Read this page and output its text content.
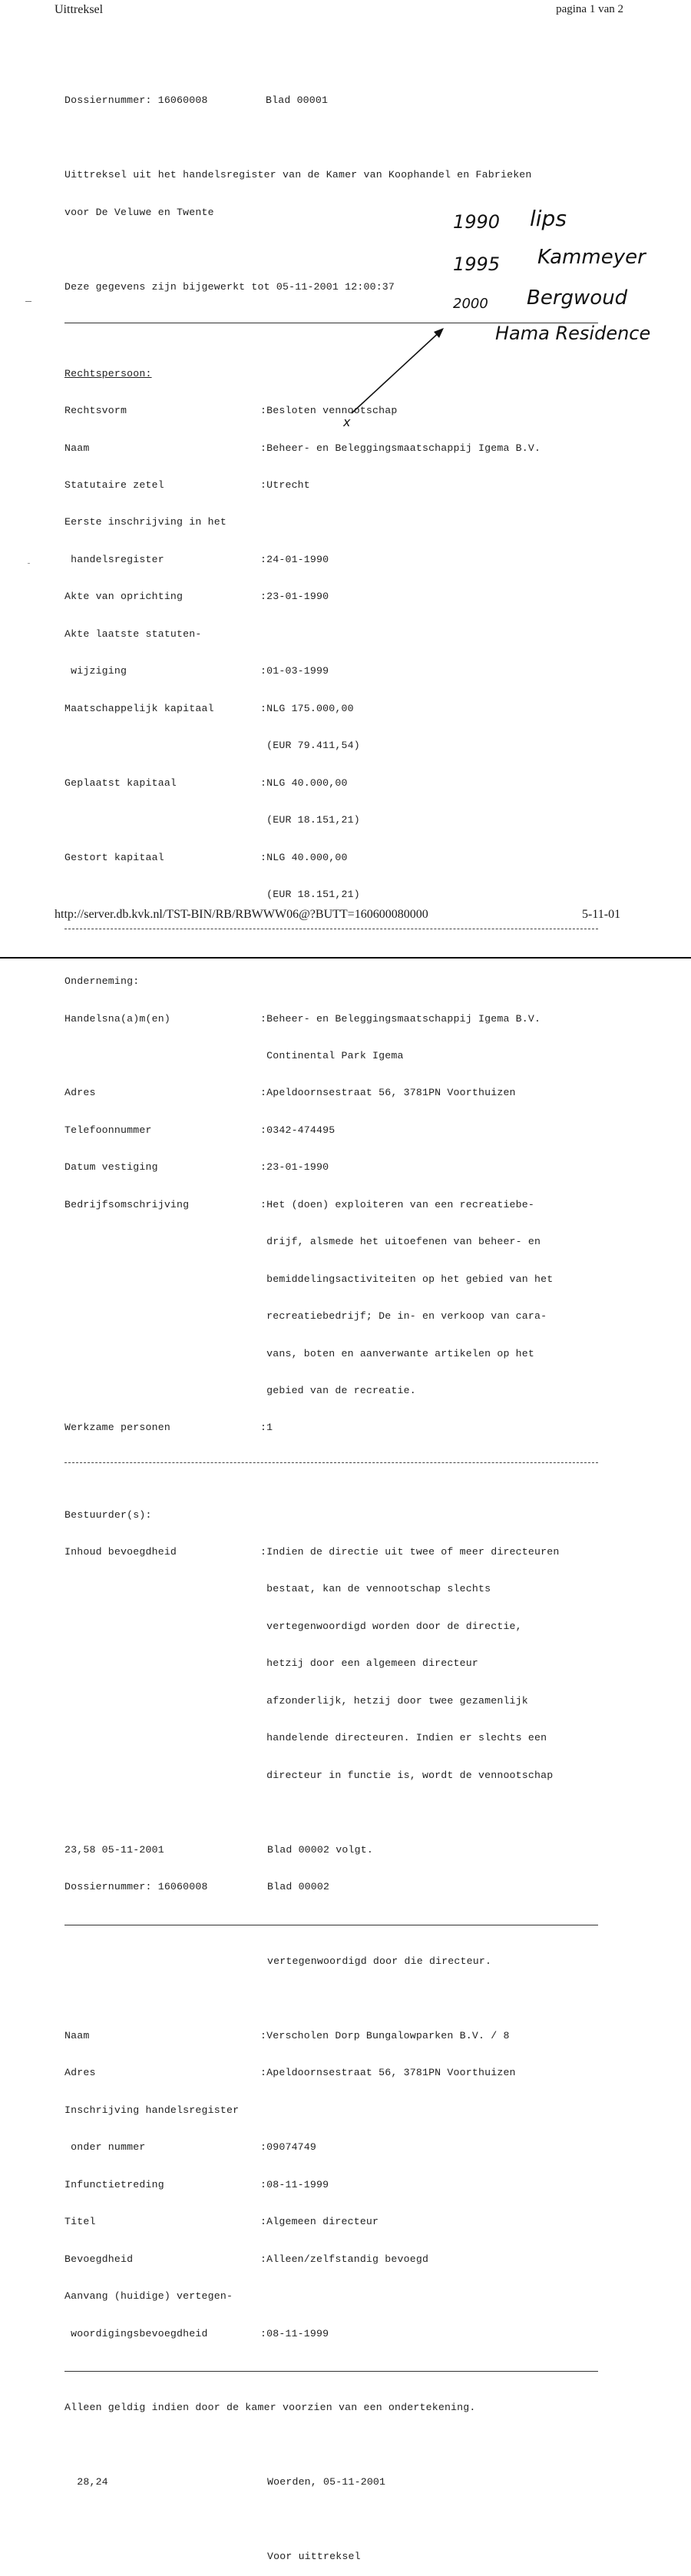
Uittreksel	pagina 1 van 2

Dossiernummer: 16060008	Blad 00001

Uittreksel uit het handelsregister van de Kamer van Koophandel en Fabrieken

voor De Veluwe en Twente

Deze gegevens zijn bijgewerkt tot 05-11-2001 12:00:37

Rechtspersoon:

Rechtsvorm	:Besloten vennootschap

Naam	:Beheer- en Beleggingsmaatschappij Igema B.V.

Statutaire zetel	:Utrecht

Eerste inschrijving in het

handelsregister	:24-01-1990

Akte van oprichting	:23-01-1990

Akte laatste statuten-

wijziging	:01-03-1999

Maatschappelijk kapitaal	:NLG 175.000,00

(EUR 79.411,54)

Geplaatst kapitaal	:NLG 40.000,00

(EUR 18.151,21)

Gestort kapitaal	:NLG 40.000,00

(EUR 18.151,21)

Onderneming:

Handelsna(a)m(en)	:Beheer- en Beleggingsmaatschappij Igema B.V.

Continental Park Igema

Adres	:Apeldoornsestraat 56, 3781PN Voorthuizen

Telefoonnummer	:0342-474495

Datum vestiging	:23-01-1990

Bedrijfsomschrijving	:Het (doen) exploiteren van een recreatiebe-

drijf, alsmede het uitoefenen van beheer- en

bemiddelingsactiviteiten op het gebied van het

recreatiebedrijf; De in- en verkoop van cara-

vans, boten en aanverwante artikelen op het

gebied van de recreatie.

Werkzame personen	:1

Bestuurder(s):

Inhoud bevoegdheid	:Indien de directie uit twee of meer directeuren

bestaat, kan de vennootschap slechts

vertegenwoordigd worden door de directie,

hetzij door een algemeen directeur

afzonderlijk, hetzij door twee gezamenlijk

handelende directeuren. Indien er slechts een

directeur in functie is, wordt de vennootschap

23,58 05-11-2001	Blad 00002 volgt.

Dossiernummer: 16060008	Blad 00002

vertegenwoordigd door die directeur.

Naam	:Verscholen Dorp Bungalowparken B.V. / 8

Adres	:Apeldoornsestraat 56, 3781PN Voorthuizen

Inschrijving handelsregister

onder nummer	:09074749

Infunctietreding	:08-11-1999

Titel	:Algemeen directeur

Bevoegdheid	:Alleen/zelfstandig bevoegd

Aanvang (huidige) vertegen-

woordigingsbevoegdheid	:08-11-1999

Alleen geldig indien door de kamer voorzien van een ondertekening.

28,24	Woerden, 05-11-2001

Voor uittreksel

1990 lips
1995 Kammeyer
2000 Bergwoud
Hama Residence
x
http://server.db.kvk.nl/TST-BIN/RB/RBWWW06@?BUTT=160600080000	5-11-01
